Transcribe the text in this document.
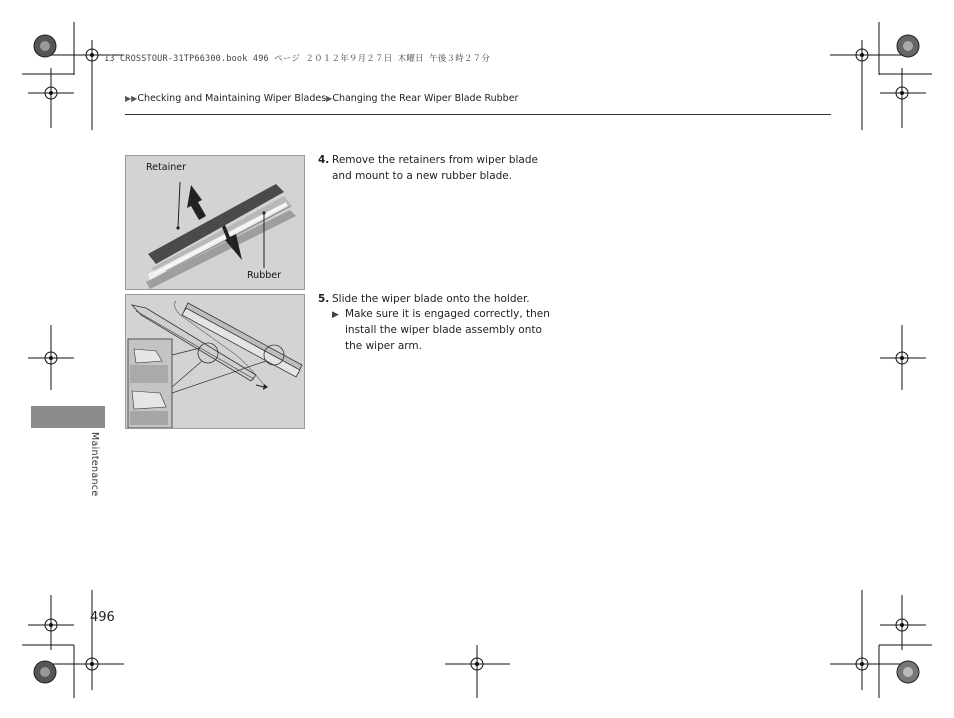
13 CROSSTOUR-31TP66300.book 496 ページ ２０１２年９月２７日 木曜日 午後３時２７分
▶▶Checking and Maintaining Wiper Blades▶Changing the Rear Wiper Blade Rubber
Retainer
Rubber
4. Remove the retainers from wiper blade and mount to a new rubber blade.
5. Slide the wiper blade onto the holder.
▶ Make sure it is engaged correctly, then install the wiper blade assembly onto the wiper arm.
Maintenance
496
